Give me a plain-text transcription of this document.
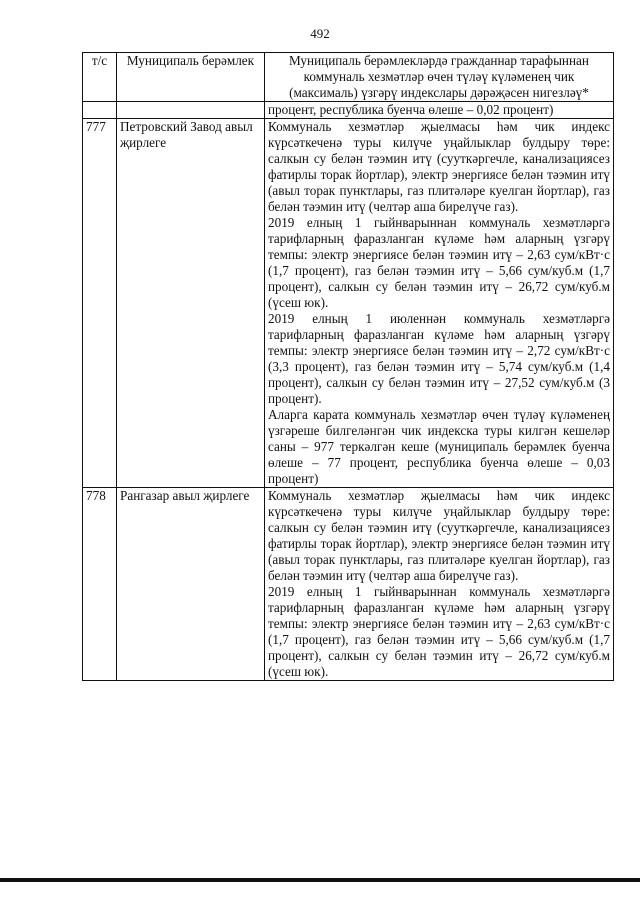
492
т/с	Муниципаль берәмлек	Муниципаль берәмлекләрдә гражданнар тарафыннан коммуналь хезмәтләр өчен түләү күләменең чик (максималь) үзгәрү индекслары дәрәҗәсен нигезләү*

		процент, республика буенча өлеше – 0,02 процент)

777	Петровский Завод авыл җирлеге	Коммуналь хезмәтләр җыелмасы һәм чик индекс күрсәткеченә туры килүче уңайлыклар булдыру төре: салкын су белән тәэмин итү (сууткәргечле, канализациясез фатирлы торак йортлар), электр энергиясе белән тәэмин итү (авыл торак пунктлары, газ плитәләре куелган йортлар), газ белән тәэмин итү (челтәр аша бирелүче газ).

2019 елның 1 гыйнварыннан коммуналь хезмәтләргә тарифларның фаразланган күләме һәм аларның үзгәрү темпы: электр энергиясе белән тәэмин итү – 2,63 сум/кВт·с (1,7 процент), газ белән тәэмин итү – 5,66 сум/куб.м (1,7 процент), салкын су белән тәэмин итү – 26,72 сум/куб.м (үсеш юк).

2019 елның 1 июленнән коммуналь хезмәтләргә тарифларның фаразланган күләме һәм аларның үзгәрү темпы: электр энергиясе белән тәэмин итү – 2,72 сум/кВт·с (3,3 процент), газ белән тәэмин итү – 5,74 сум/куб.м (1,4 процент), салкын су белән тәэмин итү – 27,52 сум/куб.м (3 процент).

Аларга карата коммуналь хезмәтләр өчен түләү күләменең үзгәреше билгеләнгән чик индекска туры килгән кешеләр саны – 977 теркәлгән кеше (муниципаль берәмлек буенча өлеше – 77 процент, республика буенча өлеше – 0,03 процент)

778	Рангазар авыл җирлеге	Коммуналь хезмәтләр җыелмасы һәм чик индекс күрсәткеченә туры килүче уңайлыклар булдыру төре: салкын су белән тәэмин итү (сууткәргечле, канализациясез фатирлы торак йортлар), электр энергиясе белән тәэмин итү (авыл торак пунктлары, газ плитәләре куелган йортлар), газ белән тәэмин итү (челтәр аша бирелүче газ).

2019 елның 1 гыйнварыннан коммуналь хезмәтләргә тарифларның фаразланган күләме һәм аларның үзгәрү темпы: электр энергиясе белән тәэмин итү – 2,63 сум/кВт·с (1,7 процент), газ белән тәэмин итү – 5,66 сум/куб.м (1,7 процент), салкын су белән тәэмин итү – 26,72 сум/куб.м (үсеш юк).
